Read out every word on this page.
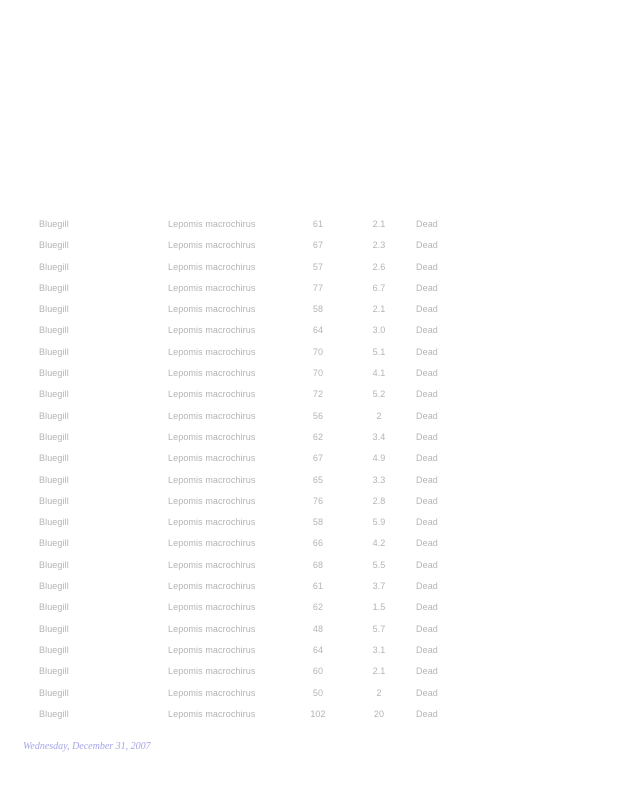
Bluegill	Lepomis macrochirus	61	2.1	Dead
Bluegill	Lepomis macrochirus	67	2.3	Dead
Bluegill	Lepomis macrochirus	57	2.6	Dead
Bluegill	Lepomis macrochirus	77	6.7	Dead
Bluegill	Lepomis macrochirus	58	2.1	Dead
Bluegill	Lepomis macrochirus	64	3.0	Dead
Bluegill	Lepomis macrochirus	70	5.1	Dead
Bluegill	Lepomis macrochirus	70	4.1	Dead
Bluegill	Lepomis macrochirus	72	5.2	Dead
Bluegill	Lepomis macrochirus	56	2	Dead
Bluegill	Lepomis macrochirus	62	3.4	Dead
Bluegill	Lepomis macrochirus	67	4.9	Dead
Bluegill	Lepomis macrochirus	65	3.3	Dead
Bluegill	Lepomis macrochirus	76	2.8	Dead
Bluegill	Lepomis macrochirus	58	5.9	Dead
Bluegill	Lepomis macrochirus	66	4.2	Dead
Bluegill	Lepomis macrochirus	68	5.5	Dead
Bluegill	Lepomis macrochirus	61	3.7	Dead
Bluegill	Lepomis macrochirus	62	1.5	Dead
Bluegill	Lepomis macrochirus	48	5.7	Dead
Bluegill	Lepomis macrochirus	64	3.1	Dead
Bluegill	Lepomis macrochirus	60	2.1	Dead
Bluegill	Lepomis macrochirus	50	2	Dead
Bluegill	Lepomis macrochirus	102	20	Dead
Wednesday, December 31, 2007
